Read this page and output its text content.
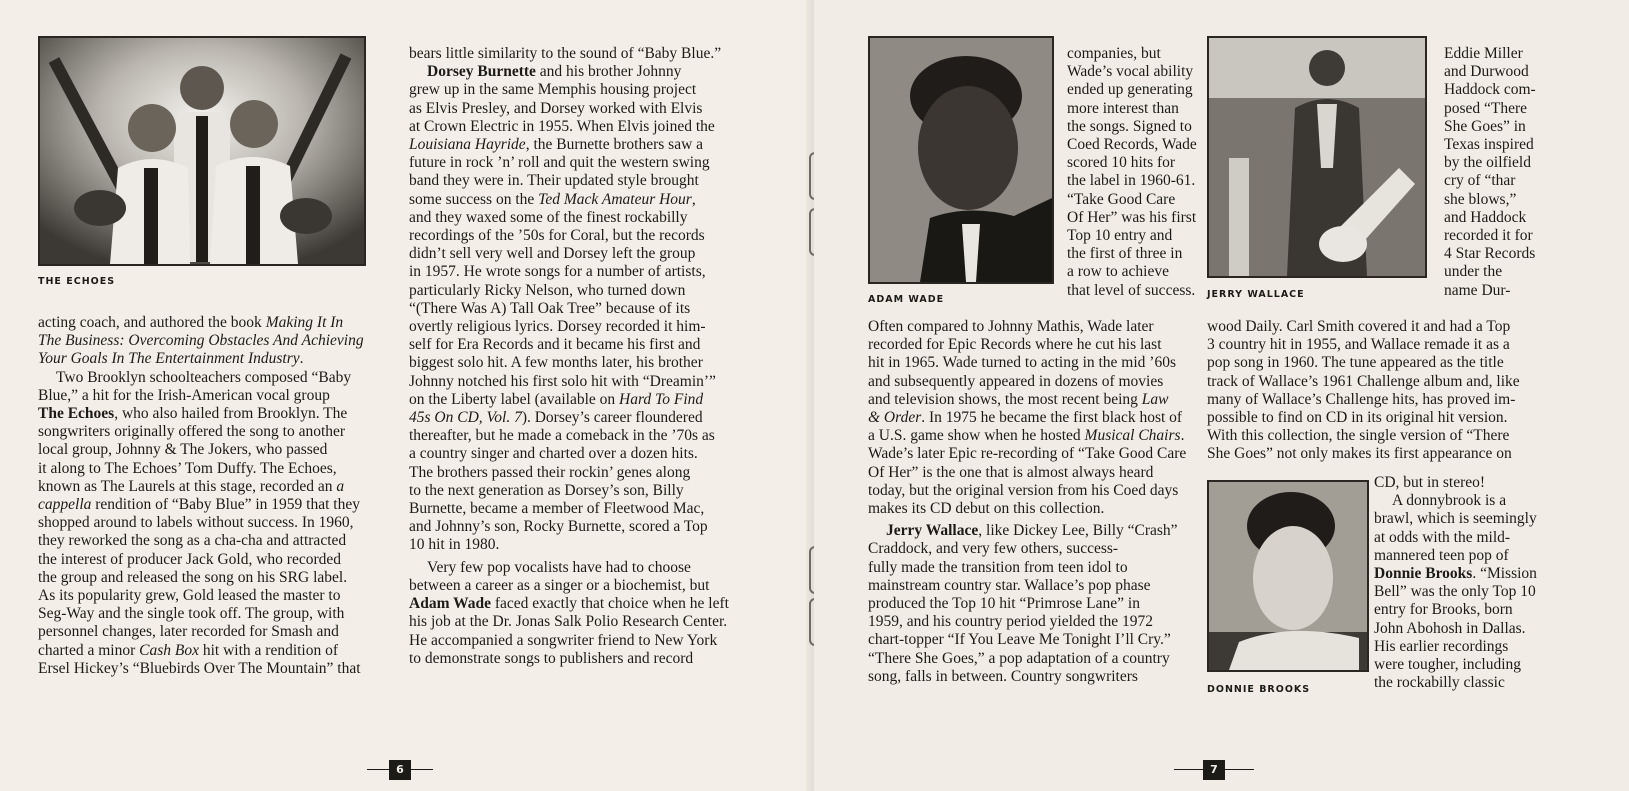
THE ECHOES

acting coach, and authored the book Making It In
The Business: Overcoming Obstacles And Achieving
Your Goals In The Entertainment Industry.

Two Brooklyn schoolteachers composed “Baby
Blue,” a hit for the Irish-American vocal group
The Echoes, who also hailed from Brooklyn. The
songwriters originally offered the song to another
local group, Johnny & The Jokers, who passed
it along to The Echoes’ Tom Duffy. The Echoes,
known as The Laurels at this stage, recorded an a
cappella rendition of “Baby Blue” in 1959 that they
shopped around to labels without success. In 1960,
they reworked the song as a cha-cha and attracted
the interest of producer Jack Gold, who recorded
the group and released the song on his SRG label.
As its popularity grew, Gold leased the master to
Seg-Way and the single took off. The group, with
personnel changes, later recorded for Smash and
charted a minor Cash Box hit with a rendition of
Ersel Hickey’s “Bluebirds Over The Mountain” that

bears little similarity to the sound of “Baby Blue.”

Dorsey Burnette and his brother Johnny
grew up in the same Memphis housing project
as Elvis Presley, and Dorsey worked with Elvis
at Crown Electric in 1955. When Elvis joined the
Louisiana Hayride, the Burnette brothers saw a
future in rock ’n’ roll and quit the western swing
band they were in. Their updated style brought
some success on the Ted Mack Amateur Hour,
and they waxed some of the finest rockabilly
recordings of the ’50s for Coral, but the records
didn’t sell very well and Dorsey left the group
in 1957. He wrote songs for a number of artists,
particularly Ricky Nelson, who turned down
“(There Was A) Tall Oak Tree” because of its
overtly religious lyrics. Dorsey recorded it him-
self for Era Records and it became his first and
biggest solo hit. A few months later, his brother
Johnny notched his first solo hit with “Dreamin’”
on the Liberty label (available on Hard To Find
45s On CD, Vol. 7). Dorsey’s career floundered
thereafter, but he made a comeback in the ’70s as
a country singer and charted over a dozen hits.
The brothers passed their rockin’ genes along
to the next generation as Dorsey’s son, Billy
Burnette, became a member of Fleetwood Mac,
and Johnny’s son, Rocky Burnette, scored a Top
10 hit in 1980.

Very few pop vocalists have had to choose
between a career as a singer or a biochemist, but
Adam Wade faced exactly that choice when he left
his job at the Dr. Jonas Salk Polio Research Center.
He accompanied a songwriter friend to New York
to demonstrate songs to publishers and record

6
ADAM WADE
companies, but
Wade’s vocal ability
ended up generating
more interest than
the songs. Signed to
Coed Records, Wade
scored 10 hits for
the label in 1960-61.
“Take Good Care
Of Her” was his first
Top 10 entry and
the first of three in
a row to achieve
that level of success.

Often compared to Johnny Mathis, Wade later
recorded for Epic Records where he cut his last
hit in 1965. Wade turned to acting in the mid ’60s
and subsequently appeared in dozens of movies
and television shows, the most recent being Law
& Order. In 1975 he became the first black host of
a U.S. game show when he hosted Musical Chairs.
Wade’s later Epic re-recording of “Take Good Care
Of Her” is the one that is almost always heard
today, but the original version from his Coed days
makes its CD debut on this collection.

Jerry Wallace, like Dickey Lee, Billy “Crash”
Craddock, and very few others, success-
fully made the transition from teen idol to
mainstream country star. Wallace’s pop phase
produced the Top 10 hit “Primrose Lane” in
1959, and his country period yielded the 1972
chart-topper “If You Leave Me Tonight I’ll Cry.”
“There She Goes,” a pop adaptation of a country
song, falls in between. Country songwriters

JERRY WALLACE
Eddie Miller
and Durwood
Haddock com-
posed “There
She Goes” in
Texas inspired
by the oilfield
cry of “thar
she blows,”
and Haddock
recorded it for
4 Star Records
under the
name Dur-
wood Daily. Carl Smith covered it and had a Top
3 country hit in 1955, and Wallace remade it as a
pop song in 1960. The tune appeared as the title
track of Wallace’s 1961 Challenge album and, like
many of Wallace’s Challenge hits, has proved im-
possible to find on CD in its original hit version.
With this collection, the single version of “There
She Goes” not only makes its first appearance on
DONNIE BROOKS
CD, but in stereo!
A donnybrook is a
brawl, which is seemingly
at odds with the mild-
mannered teen pop of
Donnie Brooks. “Mission
Bell” was the only Top 10
entry for Brooks, born
John Abohosh in Dallas.
His earlier recordings
were tougher, including
the rockabilly classic
7
